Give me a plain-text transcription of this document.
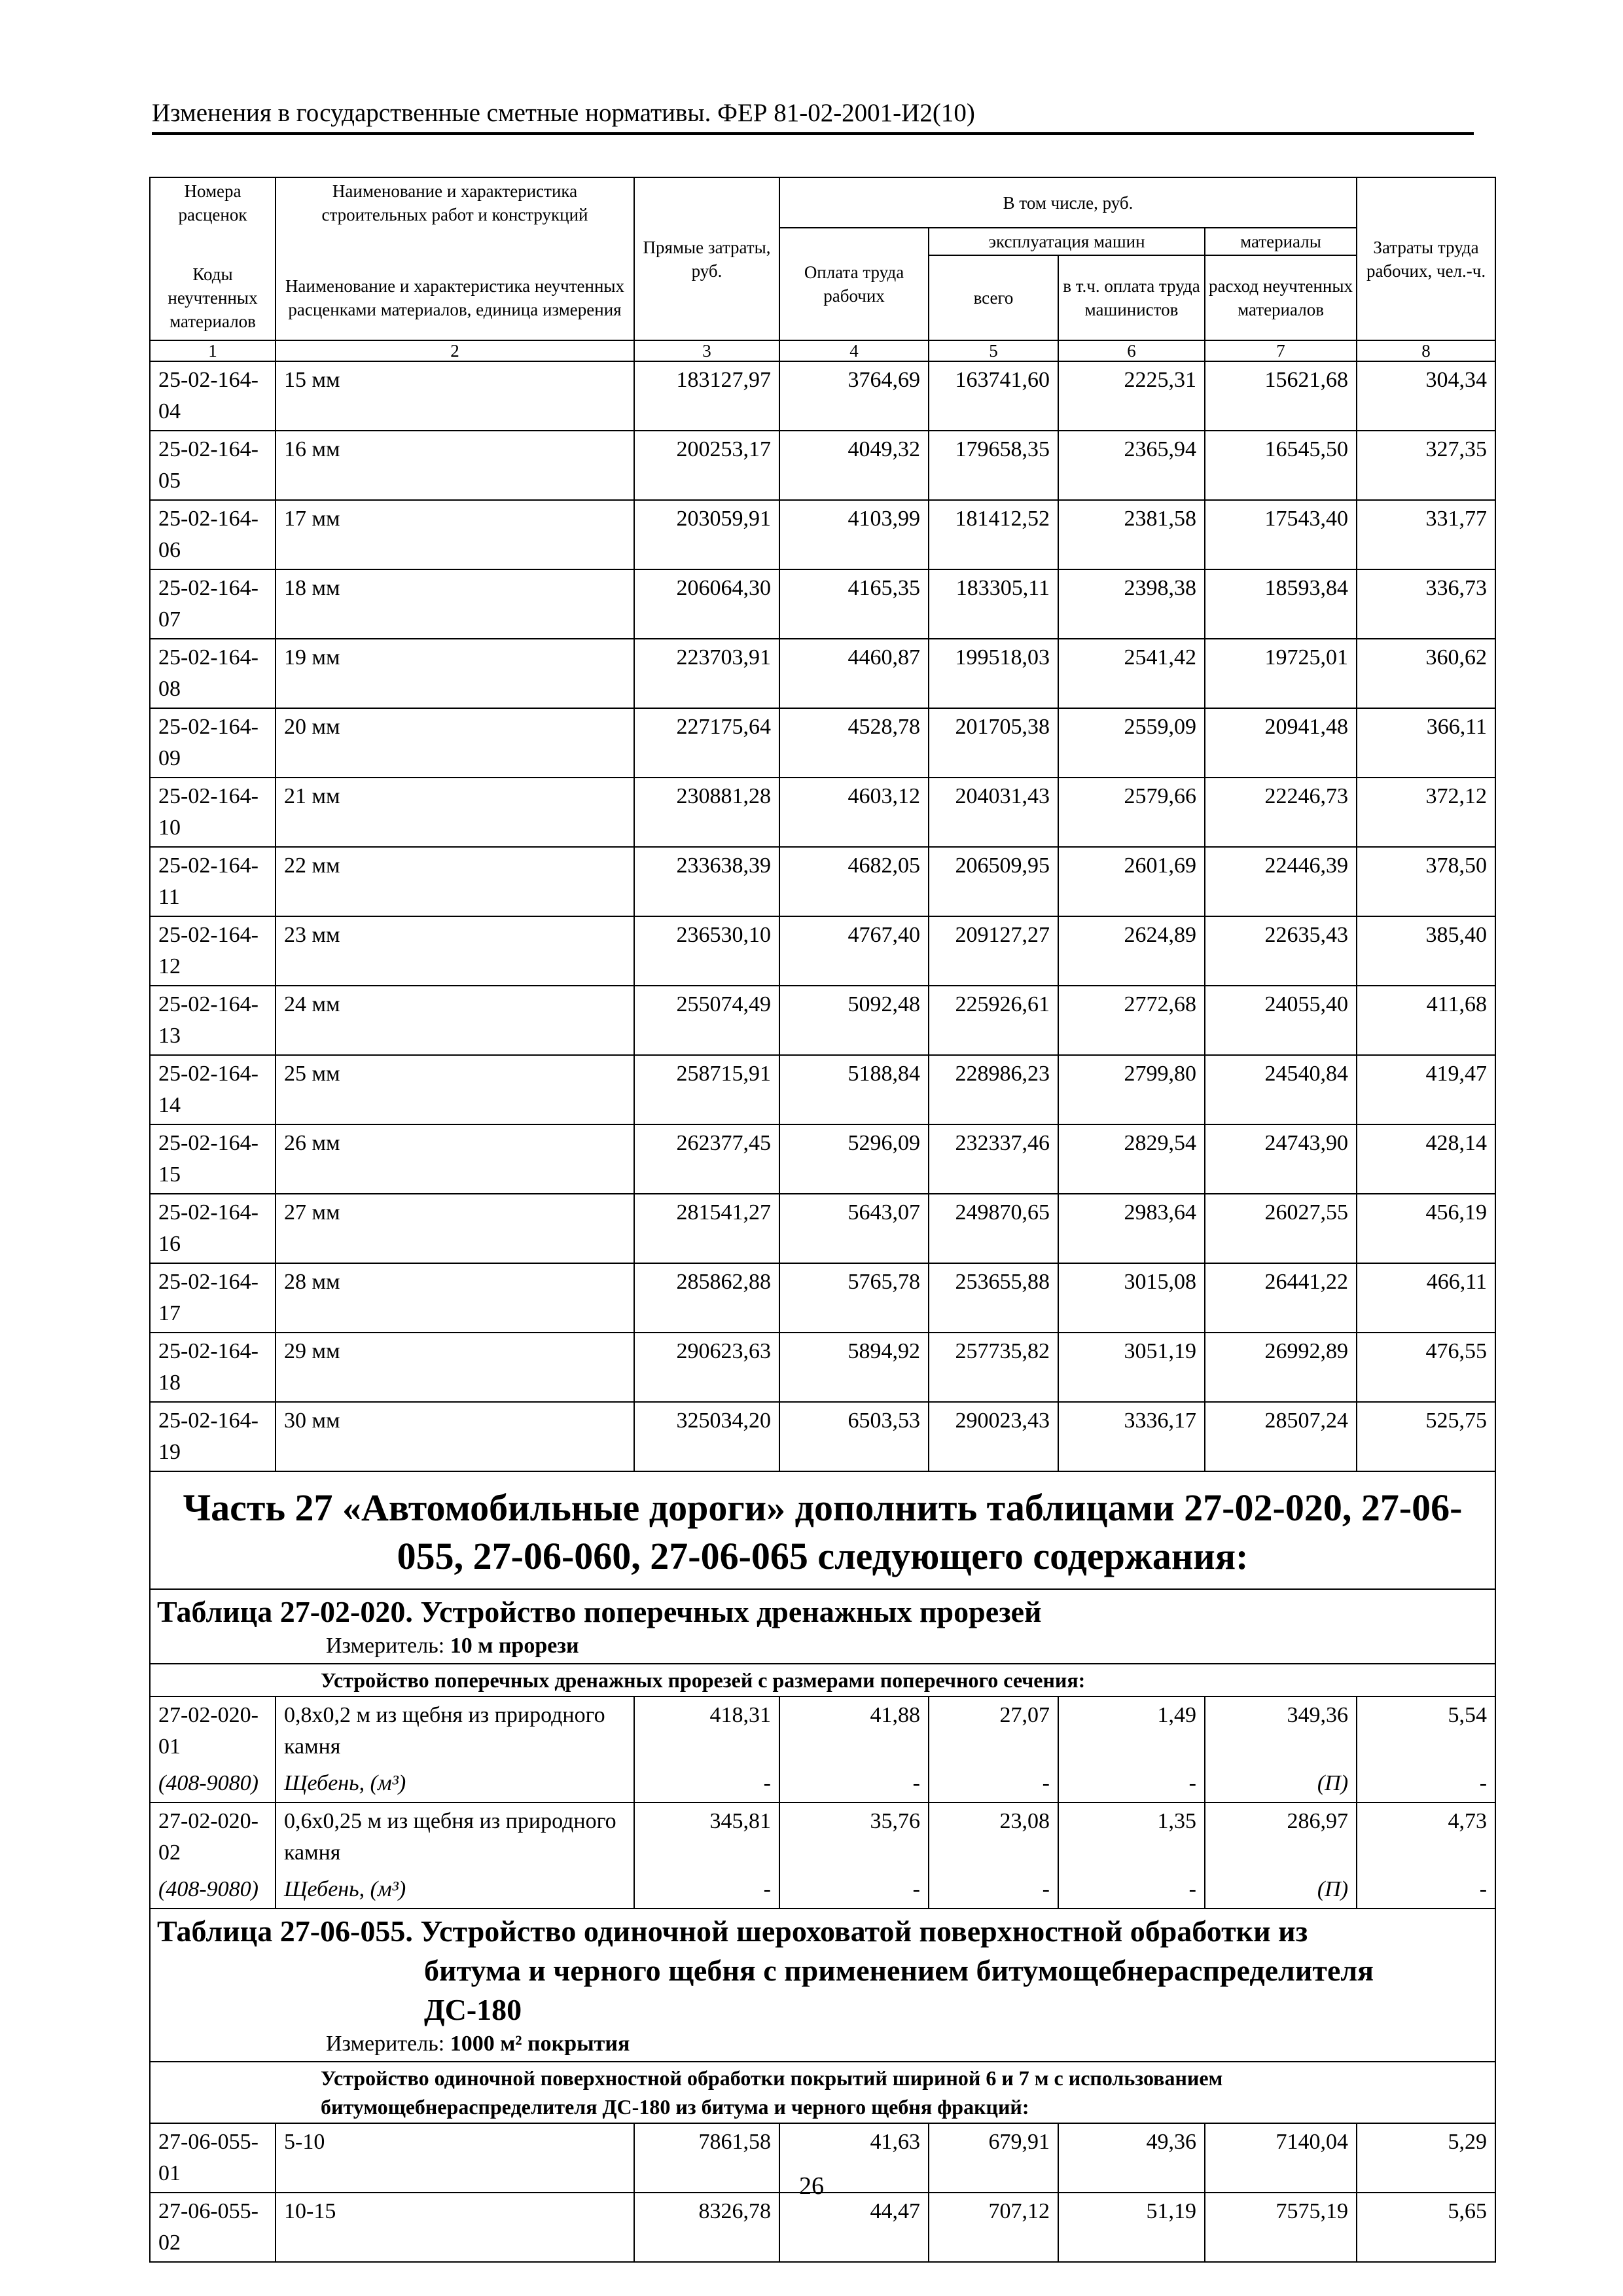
Изменения в государственные сметные нормативы. ФЕР 81-02-2001-И2(10)
Номера расценок	Наименование и характеристика строительных работ и конструкций	Прямые затраты, руб.	В том числе, руб.				Затраты труда рабочих, чел.-ч.
			Оплата труда рабочих	эксплуатация машин		материалы	
Коды неучтенных материалов	Наименование и характеристика неучтенных расценками материалов, единица измерения			всего	в т.ч. оплата труда машинистов	расход неучтенных материалов	

1	2	3	4	5	6	7	8
25-02-164-04	15 мм	183127,97	3764,69	163741,60	2225,31	15621,68	304,34
25-02-164-05	16 мм	200253,17	4049,32	179658,35	2365,94	16545,50	327,35
25-02-164-06	17 мм	203059,91	4103,99	181412,52	2381,58	17543,40	331,77
25-02-164-07	18 мм	206064,30	4165,35	183305,11	2398,38	18593,84	336,73
25-02-164-08	19 мм	223703,91	4460,87	199518,03	2541,42	19725,01	360,62
25-02-164-09	20 мм	227175,64	4528,78	201705,38	2559,09	20941,48	366,11
25-02-164-10	21 мм	230881,28	4603,12	204031,43	2579,66	22246,73	372,12
25-02-164-11	22 мм	233638,39	4682,05	206509,95	2601,69	22446,39	378,50
25-02-164-12	23 мм	236530,10	4767,40	209127,27	2624,89	22635,43	385,40
25-02-164-13	24 мм	255074,49	5092,48	225926,61	2772,68	24055,40	411,68
25-02-164-14	25 мм	258715,91	5188,84	228986,23	2799,80	24540,84	419,47
25-02-164-15	26 мм	262377,45	5296,09	232337,46	2829,54	24743,90	428,14
25-02-164-16	27 мм	281541,27	5643,07	249870,65	2983,64	26027,55	456,19
25-02-164-17	28 мм	285862,88	5765,78	253655,88	3015,08	26441,22	466,11
25-02-164-18	29 мм	290623,63	5894,92	257735,82	3051,19	26992,89	476,55
25-02-164-19	30 мм	325034,20	6503,53	290023,43	3336,17	28507,24	525,75
Часть 27 «Автомобильные дороги» дополнить таблицами 27-02-020, 27-06-055, 27-06-060, 27-06-065 следующего содержания:							
Таблица 27-02-020. Устройство поперечных дренажных прорезей
Измеритель: 10 м прорези							

Устройство поперечных дренажных прорезей с размерами поперечного сечения:							
27-02-020-01	0,8х0,2 м из щебня из природного камня	418,31	41,88	27,07	1,49	349,36	5,54
(408-9080)	Щебень, (м³)	-	-	-	-	(П)	-
27-02-020-02	0,6х0,25 м из щебня из природного камня	345,81	35,76	23,08	1,35	286,97	4,73
(408-9080)	Щебень, (м³)	-	-	-	-	(П)	-
Таблица 27-06-055. Устройство одиночной шероховатой поверхностной обработки из
битума и черного щебня с применением битумощебнераспределителя
ДС-180
Измеритель: 1000 м² покрытия							

Устройство одиночной поверхностной обработки покрытий шириной 6 и 7 м с использованием битумощебнераспределителя ДС-180 из битума и черного щебня фракций:							
27-06-055-01	5-10	7861,58	41,63	679,91	49,36	7140,04	5,29
27-06-055-02	10-15	8326,78	44,47	707,12	51,19	7575,19	5,65
26
